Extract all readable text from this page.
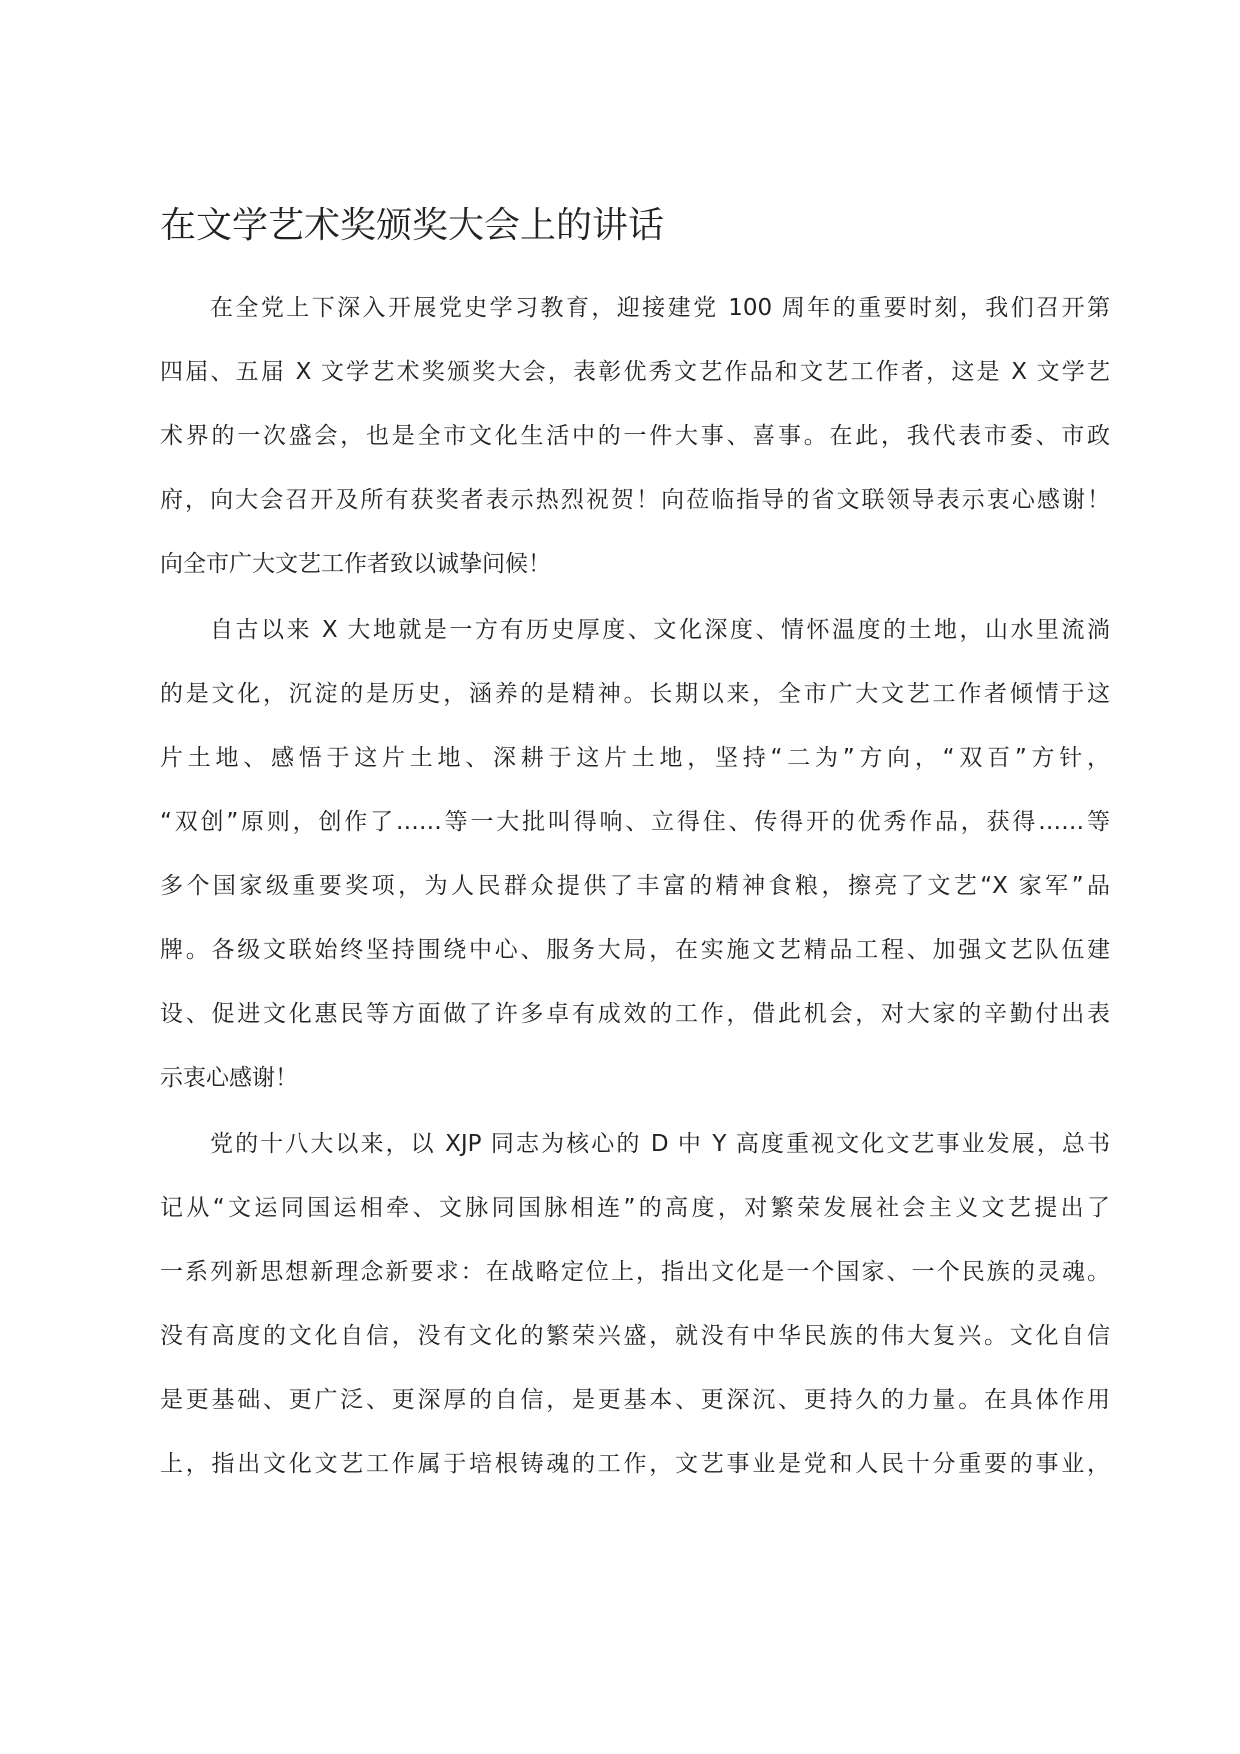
在文学艺术奖颁奖大会上的讲话

在全党上下深入开展党史学习教育，迎接建党 100 周年的重要时刻，我们召开第
四届、五届 X 文学艺术奖颁奖大会，表彰优秀文艺作品和文艺工作者，这是 X 文学艺
术界的一次盛会，也是全市文化生活中的一件大事、喜事。在此，我代表市委、市政
府，向大会召开及所有获奖者表示热烈祝贺！向莅临指导的省文联领导表示衷心感谢！
向全市广大文艺工作者致以诚挚问候！

自古以来 X 大地就是一方有历史厚度、文化深度、情怀温度的土地，山水里流淌
的是文化，沉淀的是历史，涵养的是精神。长期以来，全市广大文艺工作者倾情于这
片土地、感悟于这片土地、深耕于这片土地，坚持“二为”方向，“双百”方针，
“双创”原则，创作了……等一大批叫得响、立得住、传得开的优秀作品，获得……等
多个国家级重要奖项，为人民群众提供了丰富的精神食粮，擦亮了文艺“X 家军”品
牌。各级文联始终坚持围绕中心、服务大局，在实施文艺精品工程、加强文艺队伍建
设、促进文化惠民等方面做了许多卓有成效的工作，借此机会，对大家的辛勤付出表
示衷心感谢！

党的十八大以来，以 XJP 同志为核心的 D 中 Y 高度重视文化文艺事业发展，总书
记从“文运同国运相牵、文脉同国脉相连”的高度，对繁荣发展社会主义文艺提出了
一系列新思想新理念新要求：在战略定位上，指出文化是一个国家、一个民族的灵魂。
没有高度的文化自信，没有文化的繁荣兴盛，就没有中华民族的伟大复兴。文化自信
是更基础、更广泛、更深厚的自信，是更基本、更深沉、更持久的力量。在具体作用
上，指出文化文艺工作属于培根铸魂的工作，文艺事业是党和人民十分重要的事业，
